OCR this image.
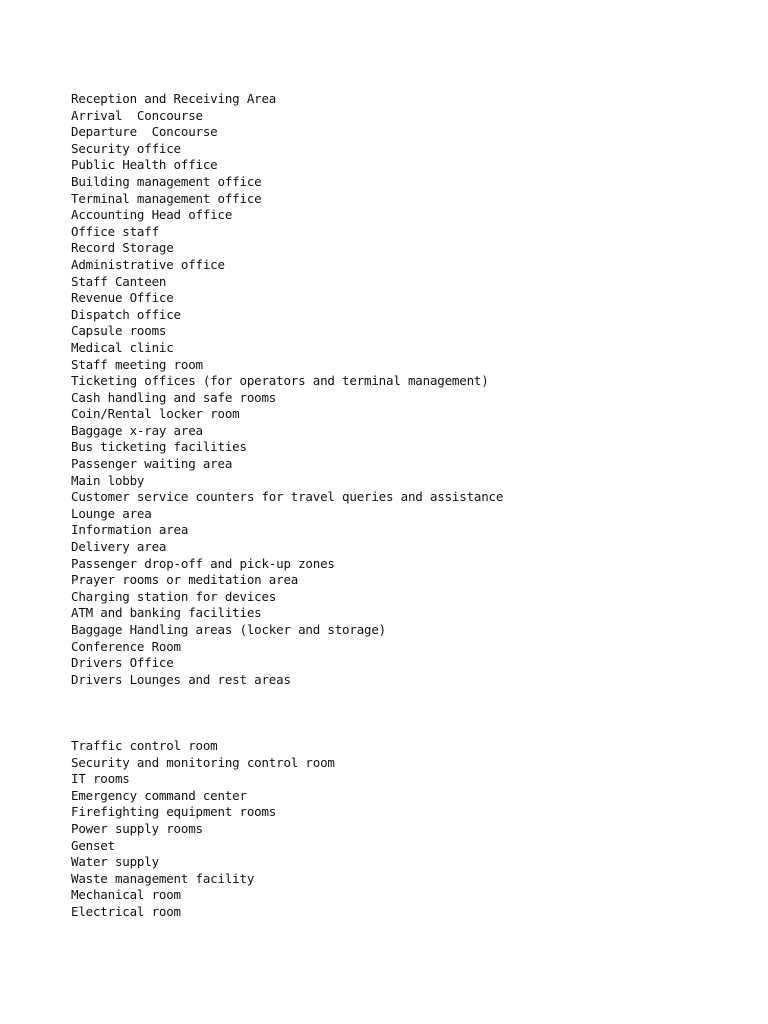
Reception and Receiving Area
Arrival  Concourse
Departure  Concourse
Security office
Public Health office
Building management office
Terminal management office
Accounting Head office
Office staff
Record Storage
Administrative office
Staff Canteen
Revenue Office
Dispatch office
Capsule rooms
Medical clinic
Staff meeting room
Ticketing offices (for operators and terminal management)
Cash handling and safe rooms
Coin/Rental locker room
Baggage x-ray area
Bus ticketing facilities
Passenger waiting area
Main lobby
Customer service counters for travel queries and assistance
Lounge area
Information area
Delivery area
Passenger drop-off and pick-up zones
Prayer rooms or meditation area
Charging station for devices
ATM and banking facilities
Baggage Handling areas (locker and storage)
Conference Room
Drivers Office
Drivers Lounges and rest areas
Traffic control room
Security and monitoring control room
IT rooms
Emergency command center
Firefighting equipment rooms
Power supply rooms
Genset
Water supply
Waste management facility
Mechanical room
Electrical room
